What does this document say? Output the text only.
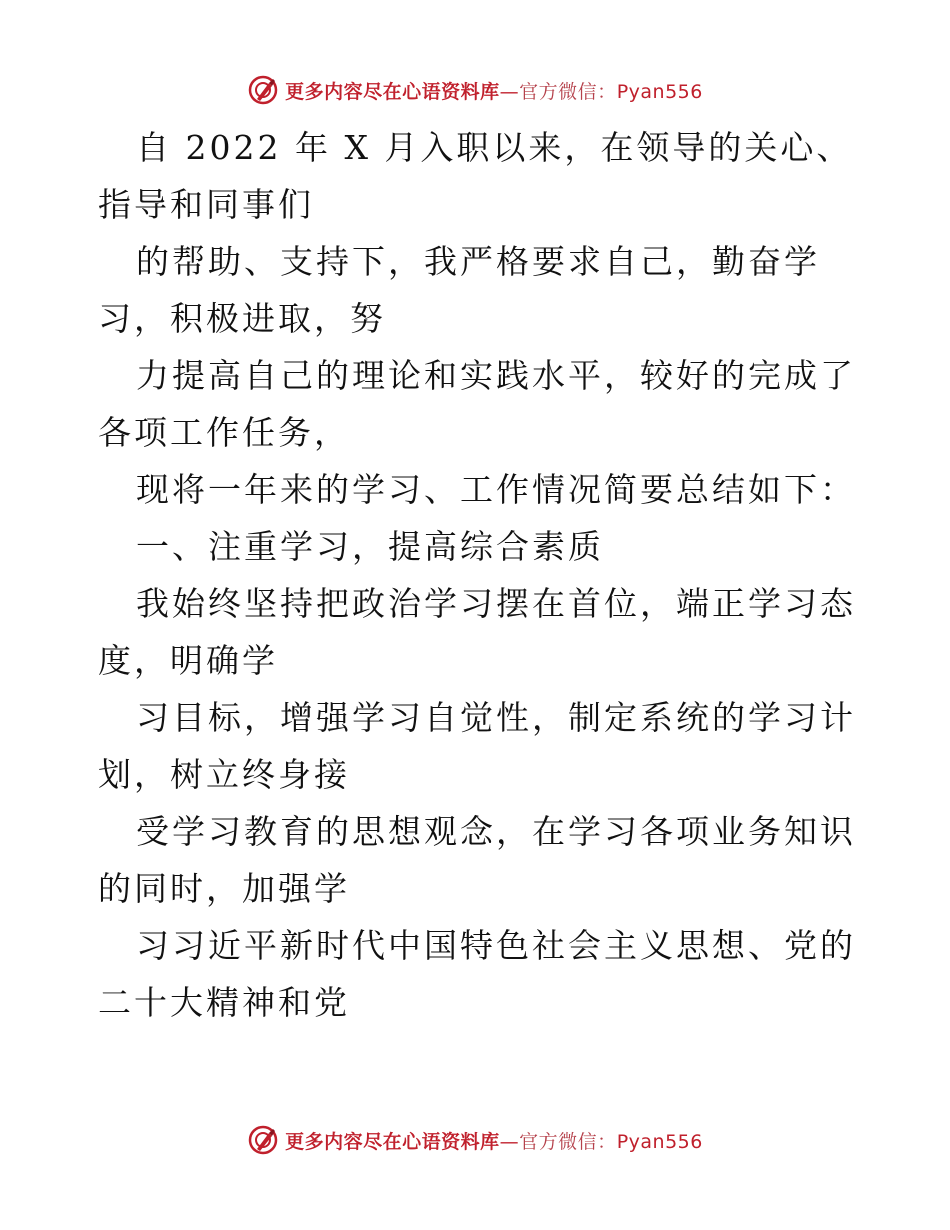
更多内容尽在心语资料库—官方微信：Pyan556

自 2022 年 X 月入职以来，在领导的关心、指导和同事们

的帮助、支持下，我严格要求自己，勤奋学习，积极进取，努

力提高自己的理论和实践水平，较好的完成了各项工作任务，

现将一年来的学习、工作情况简要总结如下：

一、注重学习，提高综合素质

我始终坚持把政治学习摆在首位，端正学习态度，明确学

习目标，增强学习自觉性，制定系统的学习计划，树立终身接

受学习教育的思想观念，在学习各项业务知识的同时，加强学

习习近平新时代中国特色社会主义思想、党的二十大精神和党

更多内容尽在心语资料库—官方微信：Pyan556
